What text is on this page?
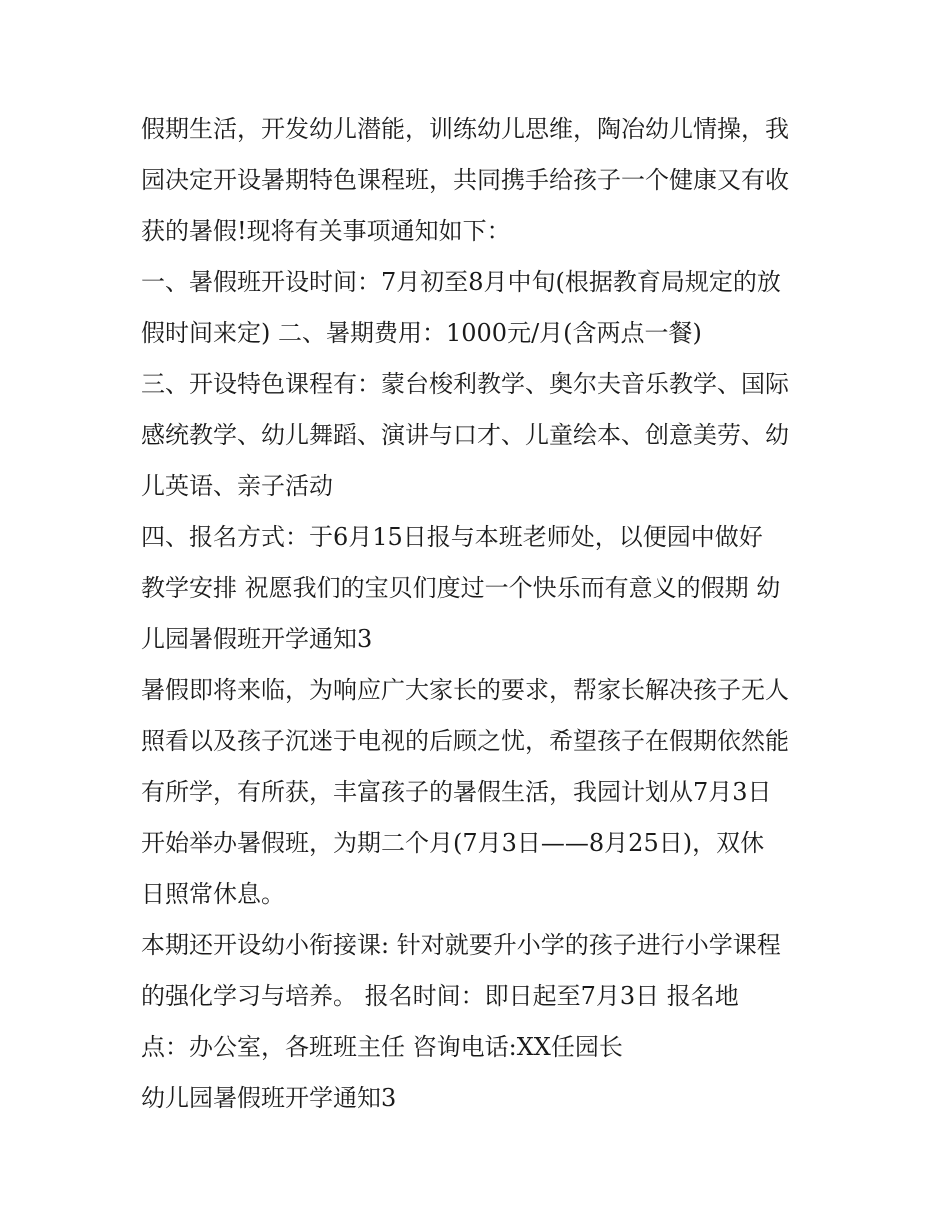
假期生活，开发幼儿潜能，训练幼儿思维，陶冶幼儿情操，我
园决定开设暑期特色课程班，共同携手给孩子一个健康又有收
获的暑假!现将有关事项通知如下：
一、暑假班开设时间：7月初至8月中旬(根据教育局规定的放
假时间来定) 二、暑期费用：1000元/月(含两点一餐)
三、开设特色课程有：蒙台梭利教学、奥尔夫音乐教学、国际
感统教学、幼儿舞蹈、演讲与口才、儿童绘本、创意美劳、幼
儿英语、亲子活动
四、报名方式：于6月15日报与本班老师处，以便园中做好
教学安排 祝愿我们的宝贝们度过一个快乐而有意义的假期 幼
儿园暑假班开学通知3
暑假即将来临，为响应广大家长的要求，帮家长解决孩子无人
照看以及孩子沉迷于电视的后顾之忧，希望孩子在假期依然能
有所学，有所获，丰富孩子的暑假生活，我园计划从7月3日
开始举办暑假班，为期二个月(7月3日——8月25日)，双休
日照常休息。
本期还开设幼小衔接课: 针对就要升小学的孩子进行小学课程
的强化学习与培养。 报名时间：即日起至7月3日 报名地
点：办公室，各班班主任 咨询电话:XX任园长
幼儿园暑假班开学通知3
